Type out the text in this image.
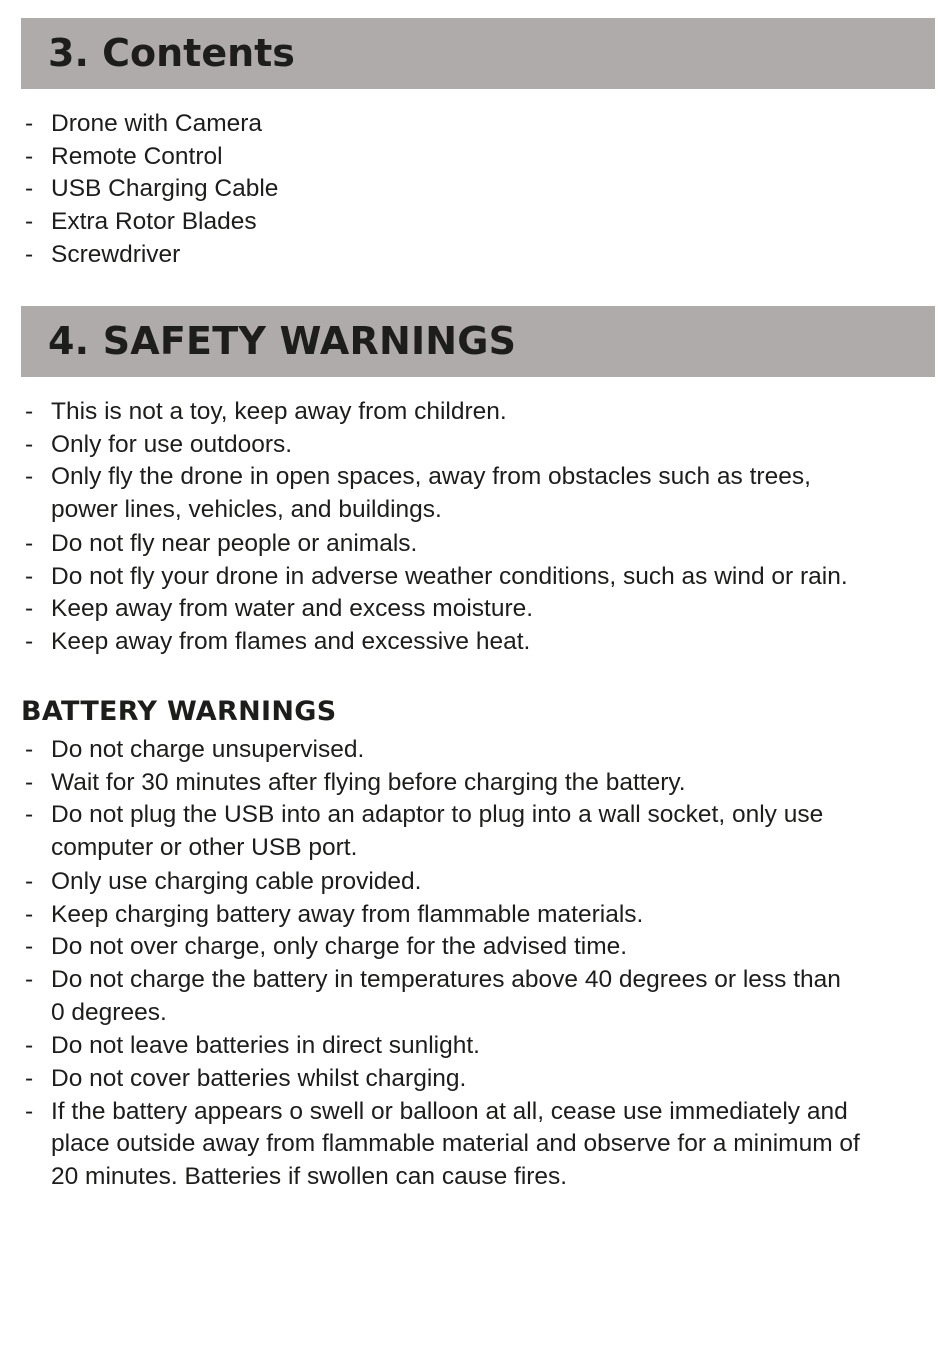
3. Contents
- Drone with Camera
- Remote Control
- USB Charging Cable
- Extra Rotor Blades
- Screwdriver
4. SAFETY WARNINGS
- This is not a toy, keep away from children.
- Only for use outdoors.
- Only fly the drone in open spaces, away from obstacles such as trees,
power lines, vehicles, and buildings.
- Do not fly near people or animals.
- Do not fly your drone in adverse weather conditions, such as wind or rain.
- Keep away from water and excess moisture.
- Keep away from flames and excessive heat.
BATTERY WARNINGS
- Do not charge unsupervised.
- Wait for 30 minutes after flying before charging the battery.
- Do not plug the USB into an adaptor to plug into a wall socket, only use
computer or other USB port.
- Only use charging cable provided.
- Keep charging battery away from flammable materials.
- Do not over charge, only charge for the advised time.
- Do not charge the battery in temperatures above 40 degrees or less than
0 degrees.
- Do not leave batteries in direct sunlight.
- Do not cover batteries whilst charging.
- If the battery appears o swell or balloon at all, cease use immediately and
place outside away from flammable material and observe for a minimum of
20 minutes. Batteries if swollen can cause fires.
